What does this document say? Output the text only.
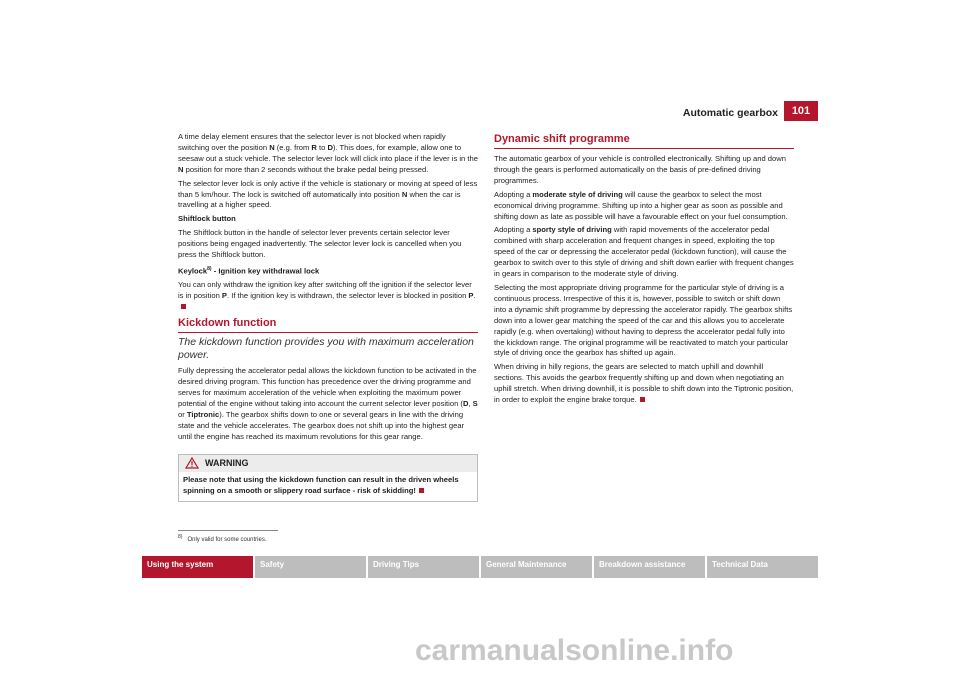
Automatic gearbox	101

A time delay element ensures that the selector lever is not blocked when rapidly switching over the position N (e.g. from R to D). This does, for example, allow one to seesaw out a stuck vehicle. The selector lever lock will click into place if the lever is in the N position for more than 2 seconds without the brake pedal being pressed.

The selector lever lock is only active if the vehicle is stationary or moving at speed of less than 5 km/hour. The lock is switched off automatically into position N when the car is travelling at a higher speed.

Shiftlock button

The Shiftlock button in the handle of selector lever prevents certain selector lever positions being engaged inadvertently. The selector lever lock is cancelled when you press the Shiftlock button.

Keylock$^{8)}$ - Ignition key withdrawal lock

You can only withdraw the ignition key after switching off the ignition if the selector lever is in position P. If the ignition key is withdrawn, the selector lever is blocked in position P.

Kickdown function
The kickdown function provides you with maximum acceleration power.

Fully depressing the accelerator pedal allows the kickdown function to be activated in the desired driving program. This function has precedence over the driving programme and serves for maximum acceleration of the vehicle when exploiting the maximum power potential of the engine without taking into account the current selector lever position (D, S or Tiptronic). The gearbox shifts down to one or several gears in line with the driving state and the vehicle accelerates. The gearbox does not shift up into the highest gear until the engine has reached its maximum revolutions for this gear range.

WARNING
Please note that using the kickdown function can result in the driven wheels spinning on a smooth or slippery road surface - risk of skidding!
$^{8)}$ Only valid for some countries.
Dynamic shift programme

The automatic gearbox of your vehicle is controlled electronically. Shifting up and down through the gears is performed automatically on the basis of pre-defined driving programmes.

Adopting a moderate style of driving will cause the gearbox to select the most economical driving programme. Shifting up into a higher gear as soon as possible and shifting down as late as possible will have a favourable effect on your fuel consumption.

Adopting a sporty style of driving with rapid movements of the accelerator pedal combined with sharp acceleration and frequent changes in speed, exploiting the top speed of the car or depressing the accelerator pedal (kickdown function), will cause the gearbox to switch over to this style of driving and shift down earlier with frequent changes in gears in comparison to the moderate style of driving.

Selecting the most appropriate driving programme for the particular style of driving is a continuous process. Irrespective of this it is, however, possible to switch or shift down into a dynamic shift programme by depressing the accelerator rapidly. The gearbox shifts down into a lower gear matching the speed of the car and this allows you to accelerate rapidly (e.g. when overtaking) without having to depress the accelerator pedal fully into the kickdown range. The original programme will be reactivated to match your particular style of driving once the gearbox has shifted up again.

When driving in hilly regions, the gears are selected to match uphill and downhill sections. This avoids the gearbox frequently shifting up and down when negotiating an uphill stretch. When driving downhill, it is possible to shift down into the Tiptronic position, in order to exploit the engine brake torque.

Using the system	Safety	Driving Tips	General Maintenance	Breakdown assistance	Technical Data
carmanualsonline.info
